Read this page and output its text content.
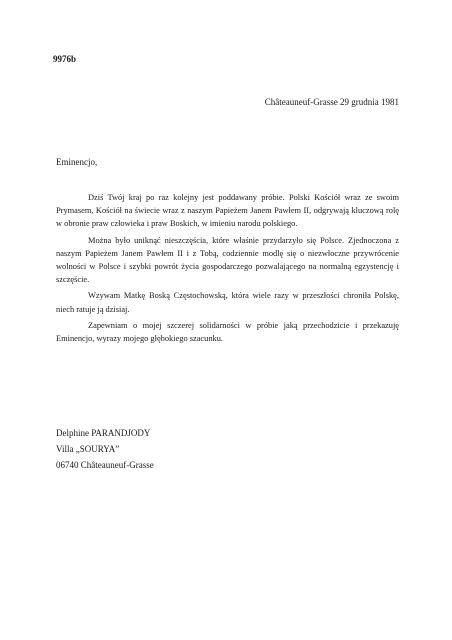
9976b
Châteauneuf-Grasse 29 grudnia 1981
Eminencjo,

Dziś Twój kraj po raz kolejny jest poddawany próbie. Polski Kościół wraz ze swoim Prymasem, Kościół na świecie wraz z naszym Papieżem Janem Pawłem II, odgrywają kluczową rolę w obronie praw człowieka i praw Boskich, w imieniu narodu polskiego.

Można było uniknąć nieszczęścia, które właśnie przydarzyło się Polsce. Zjednoczona z naszym Papieżem Janem Pawłem II i z Tobą, codziennie modlę się o niezwłoczne przywrócenie wolności w Polsce i szybki powrót życia gospodarczego pozwalającego na normalną egzystencję i szczęście.

Wzywam Matkę Boską Częstochowską, która wiele razy w przeszłości chroniła Polskę, niech ratuje ją dzisiaj.

Zapewniam o mojej szczerej solidarności w próbie jaką przechodzicie i przekazuję Eminencjo, wyrazy mojego głębokiego szacunku.

Delphine PARANDJODY
Villa „SOURYA”
06740 Châteauneuf-Grasse
